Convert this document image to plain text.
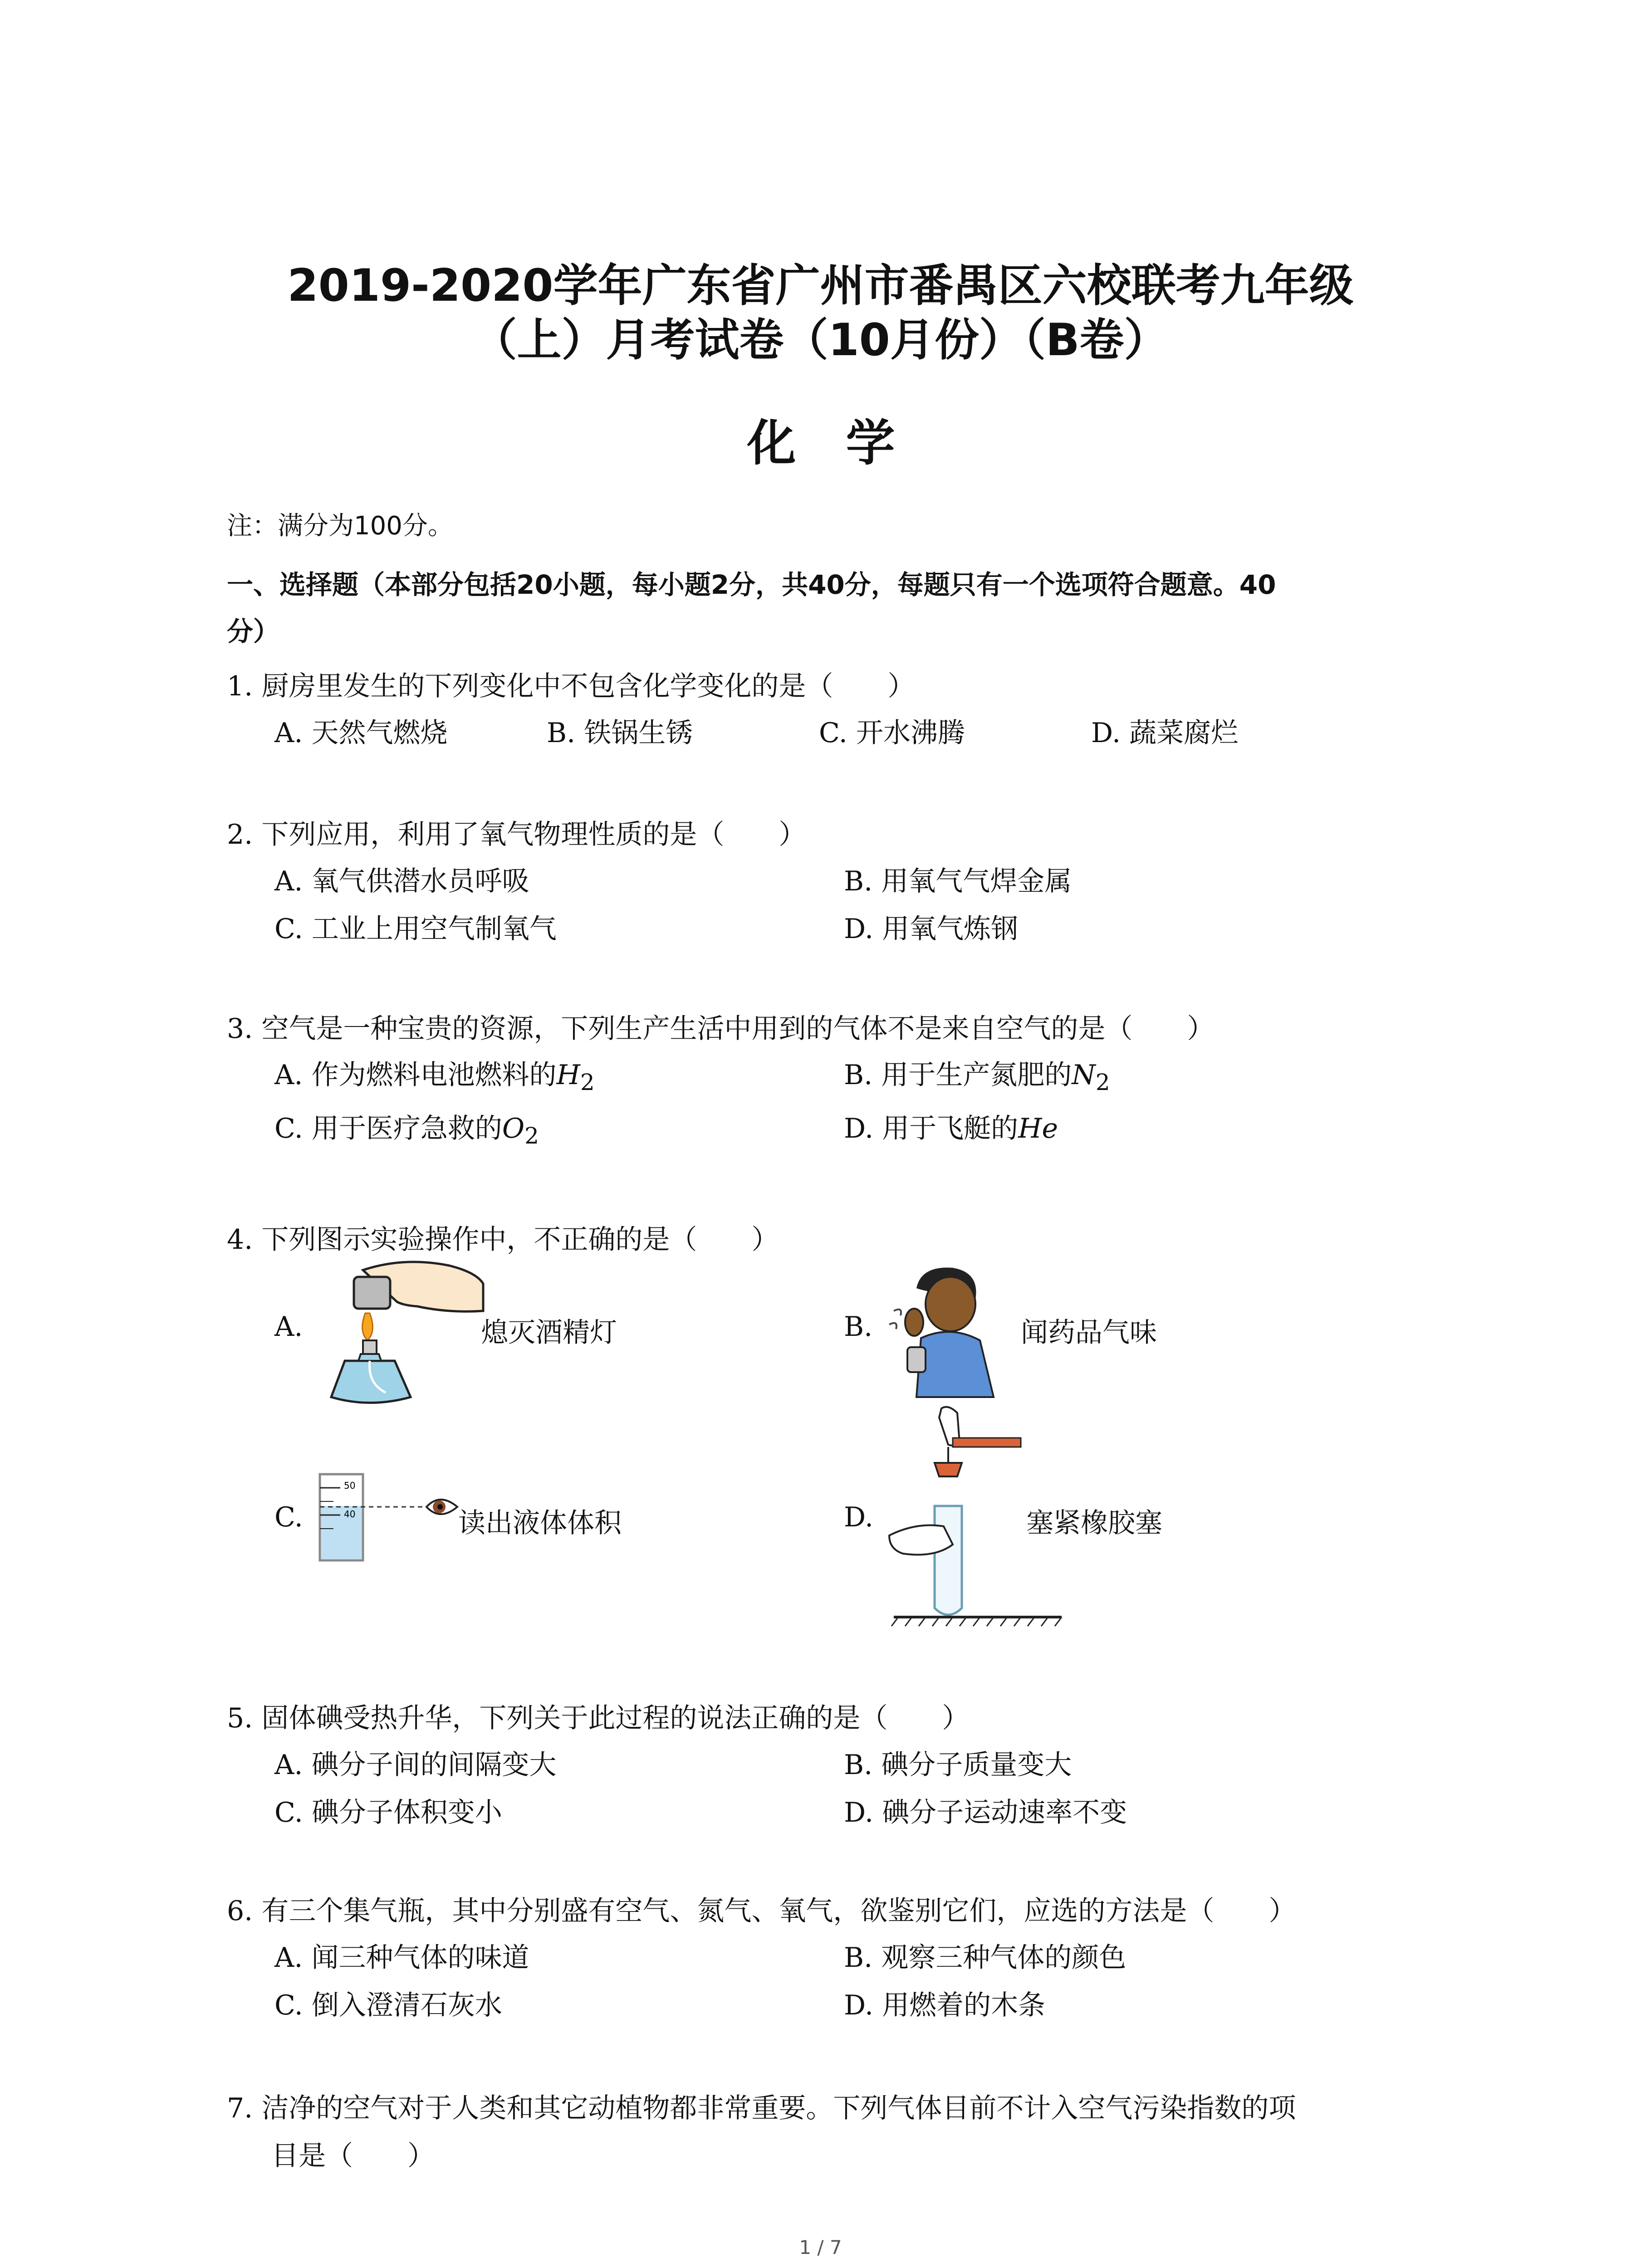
2019-2020学年广东省广州市番禺区六校联考九年级
（上）月考试卷（10月份）（B卷）
化学
注：满分为100分。
一、选择题（本部分包括20小题，每小题2分，共40分，每题只有一个选项符合题意。40
分）
1. 厨房里发生的下列变化中不包含化学变化的是（　　）
A. 天然气燃烧	B. 铁锅生锈	C. 开水沸腾	D. 蔬菜腐烂
2. 下列应用，利用了氧气物理性质的是（　　）
A. 氧气供潜水员呼吸	B. 用氧气气焊金属
C. 工业上用空气制氧气	D. 用氧气炼钢
3. 空气是一种宝贵的资源，下列生产生活中用到的气体不是来自空气的是（　　）
A. 作为燃料电池燃料的$H_2$	B. 用于生产氮肥的$N_2$
C. 用于医疗急救的$O_2$	D. 用于飞艇的He
4. 下列图示实验操作中，不正确的是（　　）
A.	熄灭酒精灯	B.	闻药品气味
C.
50
40	读出液体体积	D.	塞紧橡胶塞
5. 固体碘受热升华，下列关于此过程的说法正确的是（　　）
A. 碘分子间的间隔变大	B. 碘分子质量变大
C. 碘分子体积变小	D. 碘分子运动速率不变
6. 有三个集气瓶，其中分别盛有空气、氮气、氧气，欲鉴别它们，应选的方法是（　　）
A. 闻三种气体的味道	B. 观察三种气体的颜色
C. 倒入澄清石灰水	D. 用燃着的木条
7. 洁净的空气对于人类和其它动植物都非常重要。下列气体目前不计入空气污染指数的项
目是（　　）
1 / 7
